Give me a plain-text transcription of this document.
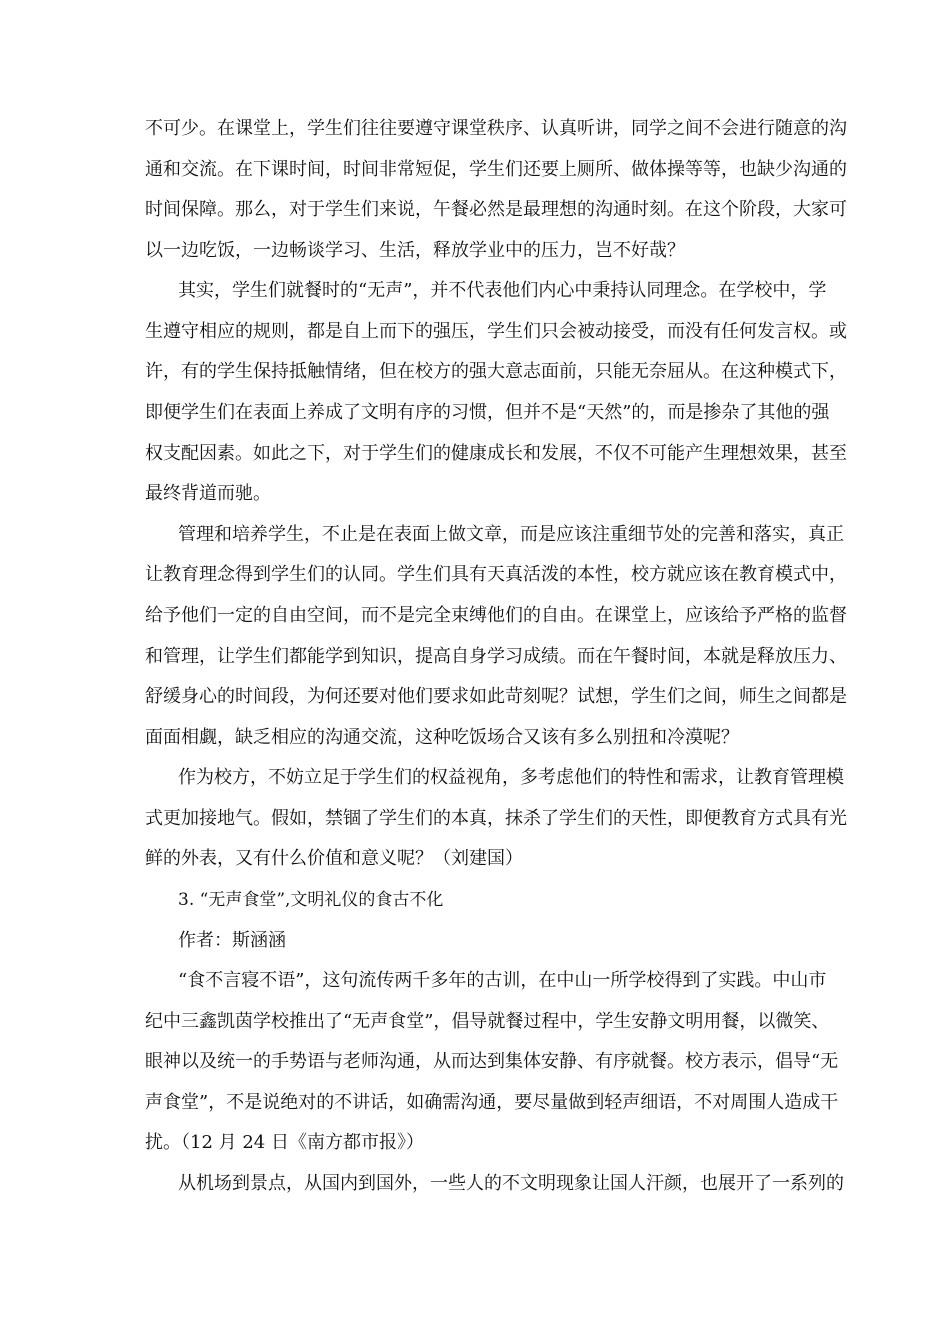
不可少。在课堂上，学生们往往要遵守课堂秩序、认真听讲，同学之间不会进行随意的沟
通和交流。在下课时间，时间非常短促，学生们还要上厕所、做体操等等，也缺少沟通的
时间保障。那么，对于学生们来说，午餐必然是最理想的沟通时刻。在这个阶段，大家可
以一边吃饭，一边畅谈学习、生活，释放学业中的压力，岂不好哉？
其实，学生们就餐时的“无声”，并不代表他们内心中秉持认同理念。在学校中，学
生遵守相应的规则，都是自上而下的强压，学生们只会被动接受，而没有任何发言权。或
许，有的学生保持抵触情绪，但在校方的强大意志面前，只能无奈屈从。在这种模式下，
即便学生们在表面上养成了文明有序的习惯，但并不是“天然”的，而是掺杂了其他的强
权支配因素。如此之下，对于学生们的健康成长和发展，不仅不可能产生理想效果，甚至
最终背道而驰。
管理和培养学生，不止是在表面上做文章，而是应该注重细节处的完善和落实，真正
让教育理念得到学生们的认同。学生们具有天真活泼的本性，校方就应该在教育模式中，
给予他们一定的自由空间，而不是完全束缚他们的自由。在课堂上，应该给予严格的监督
和管理，让学生们都能学到知识，提高自身学习成绩。而在午餐时间，本就是释放压力、
舒缓身心的时间段，为何还要对他们要求如此苛刻呢？试想，学生们之间，师生之间都是
面面相觑，缺乏相应的沟通交流，这种吃饭场合又该有多么别扭和冷漠呢？
作为校方，不妨立足于学生们的权益视角，多考虑他们的特性和需求，让教育管理模
式更加接地气。假如，禁锢了学生们的本真，抹杀了学生们的天性，即便教育方式具有光
鲜的外表，又有什么价值和意义呢？（刘建国）
3. “无声食堂”,文明礼仪的食古不化
作者：斯涵涵
“食不言寝不语”，这句流传两千多年的古训，在中山一所学校得到了实践。中山市
纪中三鑫凯茵学校推出了“无声食堂”，倡导就餐过程中，学生安静文明用餐，以微笑、
眼神以及统一的手势语与老师沟通，从而达到集体安静、有序就餐。校方表示，倡导“无
声食堂”，不是说绝对的不讲话，如确需沟通，要尽量做到轻声细语，不对周围人造成干
扰。（12 月 24 日《南方都市报》）
从机场到景点，从国内到国外，一些人的不文明现象让国人汗颜，也展开了一系列的
